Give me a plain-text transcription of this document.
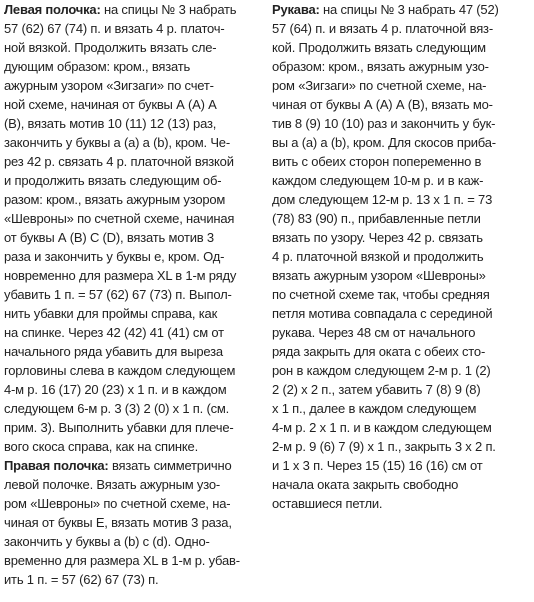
Левая полочка: на спицы № 3 набрать
57 (62) 67 (74) п. и вязать 4 р. платоч-
ной вязкой. Продолжить вязать сле-
дующим образом: кром., вязать
ажурным узором «Зигзаги» по счет-
ной схеме, начиная от буквы А (А) А
(В), вязать мотив 10 (11) 12 (13) раз,
закончить у буквы а (а) а (b), кром. Че-
рез 42 р. связать 4 р. платочной вязкой
и продолжить вязать следующим об-
разом: кром., вязать ажурным узором
«Шевроны» по счетной схеме, начиная
от буквы А (В) С (D), вязать мотив 3
раза и закончить у буквы е, кром. Од-
новременно для размера XL в 1-м ряду
убавить 1 п. = 57 (62) 67 (73) п. Выпол-
нить убавки для проймы справа, как
на спинке. Через 42 (42) 41 (41) см от
начального ряда убавить для выреза
горловины слева в каждом следующем
4-м р. 16 (17) 20 (23) х 1 п. и в каждом
следующем 6-м р. 3 (3) 2 (0) х 1 п. (см.
прим. 3). Выполнить убавки для плече-
вого скоса справа, как на спинке.
Правая полочка: вязать симметрично
левой полочке. Вязать ажурным узо-
ром «Шевроны» по счетной схеме, на-
чиная от буквы Е, вязать мотив 3 раза,
закончить у буквы а (b) с (d). Одно-
временно для размера XL в 1-м р. убав-
ить 1 п. = 57 (62) 67 (73) п.
Рукава: на спицы № 3 набрать 47 (52)
57 (64) п. и вязать 4 р. платочной вяз-
кой. Продолжить вязать следующим
образом: кром., вязать ажурным узо-
ром «Зигзаги» по счетной схеме, на-
чиная от буквы А (А) А (В), вязать мо-
тив 8 (9) 10 (10) раз и закончить у бук-
вы а (а) а (b), кром. Для скосов приба-
вить с обеих сторон попеременно в
каждом следующем 10-м р. и в каж-
дом следующем 12-м р. 13 х 1 п. = 73
(78) 83 (90) п., прибавленные петли
вязать по узору. Через 42 р. связать
4 р. платочной вязкой и продолжить
вязать ажурным узором «Шевроны»
по счетной схеме так, чтобы средняя
петля мотива совпадала с серединой
рукава. Через 48 см от начального
ряда закрыть для оката с обеих сто-
рон в каждом следующем 2-м р. 1 (2)
2 (2) х 2 п., затем убавить 7 (8) 9 (8)
х 1 п., далее в каждом следующем
4-м р. 2 х 1 п. и в каждом следующем
2-м р. 9 (6) 7 (9) х 1 п., закрыть 3 х 2 п.
и 1 х 3 п. Через 15 (15) 16 (16) см от
начала оката закрыть свободно
оставшиеся петли.
